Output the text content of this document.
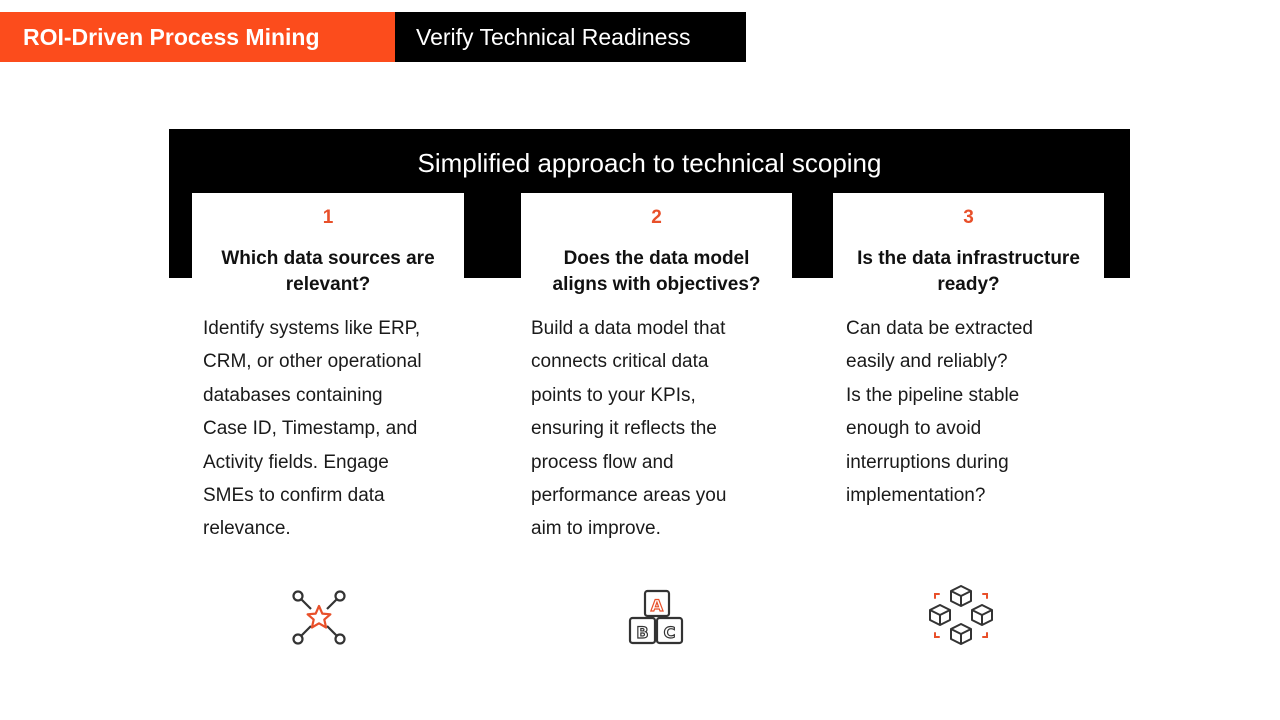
ROI-Driven Process Mining	Verify Technical Readiness
Simplified approach to technical scoping
1
Which data sources are
relevant?
Identify systems like ERP,
CRM, or other operational
databases containing
Case ID, Timestamp, and
Activity fields. Engage
SMEs to confirm data
relevance.
2
Does the data model
aligns with objectives?
Build a data model that
connects critical data
points to your KPIs,
ensuring it reflects the
process flow and
performance areas you
aim to improve.
3
Is the data infrastructure
ready?
Can data be extracted
easily and reliably?
Is the pipeline stable
enough to avoid
interruptions during
implementation?
A
B C
